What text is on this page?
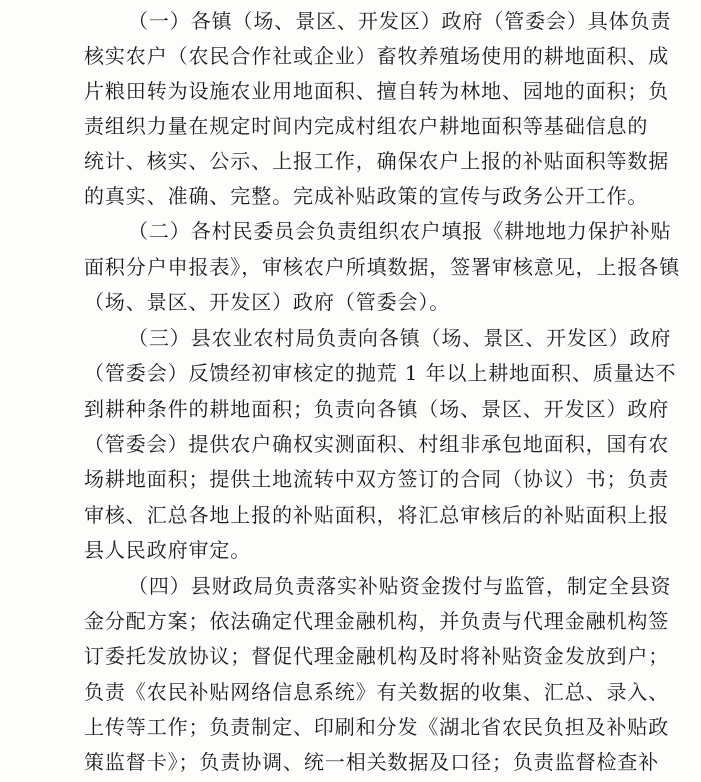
（一）各镇（场、景区、开发区）政府（管委会）具体负责
核实农户（农民合作社或企业）畜牧养殖场使用的耕地面积、成
片粮田转为设施农业用地面积、擅自转为林地、园地的面积；负
责组织力量在规定时间内完成村组农户耕地面积等基础信息的
统计、核实、公示、上报工作，确保农户上报的补贴面积等数据
的真实、准确、完整。完成补贴政策的宣传与政务公开工作。
（二）各村民委员会负责组织农户填报《耕地地力保护补贴
面积分户申报表》，审核农户所填数据，签署审核意见，上报各镇
（场、景区、开发区）政府（管委会）。
（三）县农业农村局负责向各镇（场、景区、开发区）政府
（管委会）反馈经初审核定的抛荒 1 年以上耕地面积、质量达不
到耕种条件的耕地面积；负责向各镇（场、景区、开发区）政府
（管委会）提供农户确权实测面积、村组非承包地面积，国有农
场耕地面积；提供土地流转中双方签订的合同（协议）书；负责
审核、汇总各地上报的补贴面积，将汇总审核后的补贴面积上报
县人民政府审定。
（四）县财政局负责落实补贴资金拨付与监管，制定全县资
金分配方案；依法确定代理金融机构，并负责与代理金融机构签
订委托发放协议；督促代理金融机构及时将补贴资金发放到户；
负责《农民补贴网络信息系统》有关数据的收集、汇总、录入、
上传等工作；负责制定、印刷和分发《湖北省农民负担及补贴政
策监督卡》；负责协调、统一相关数据及口径；负责监督检查补
